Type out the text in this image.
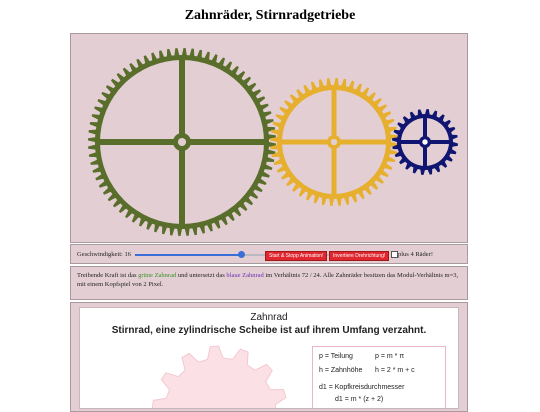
Zahnräder, Stirnradgetriebe
Geschwindigkeit: 16	Start & Stopp Animation!	Invertiere Drehrichtung!	plus 4 Räder!
Treibende Kraft ist das grüne Zahnrad und untersetzt das blaue Zahnrad im Verhältnis 72 / 24. Alle Zahnräder besitzen das Modul-Verhältnis m=3, mit einem Kopfspiel von 2 Pixel.
Zahnrad
Stirnrad, eine zylindrische Scheibe ist auf ihrem Umfang verzahnt.
p = Teilung	p = m * π
h = Zahnhöhe h = 2 * m + c
d1 = Kopfkreisdurchmesser
d1 = m * (z + 2)
